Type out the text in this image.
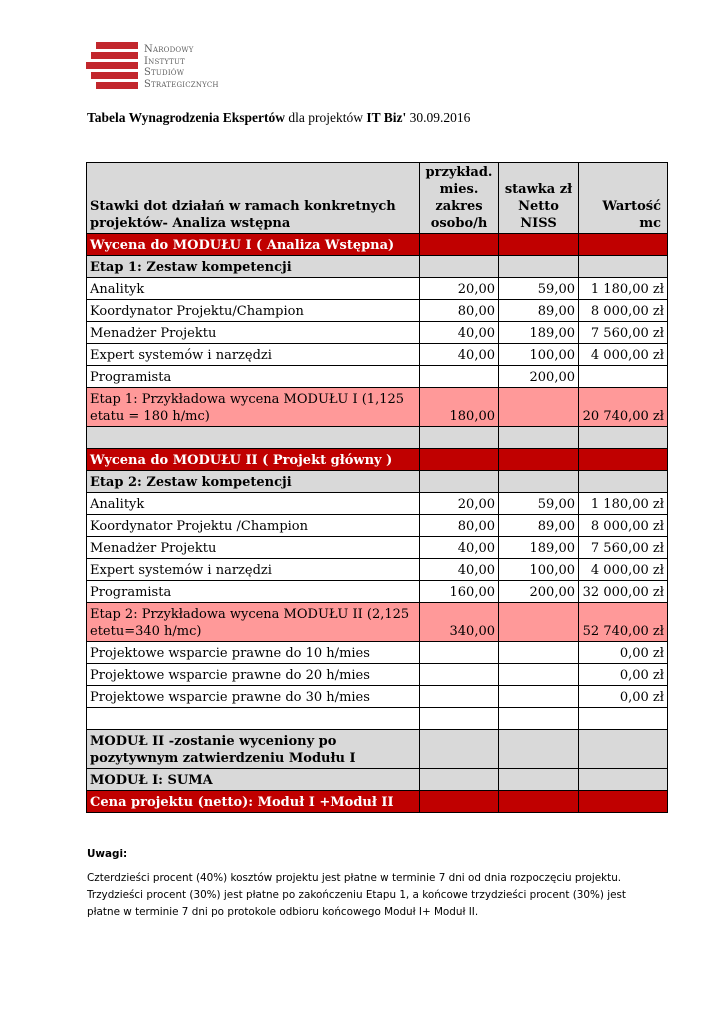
Narodowy
Instytut
Studiów
Strategicznych
Tabela Wynagrodzenia Ekspertów dla projektów IT Biz' 30.09.2016
Stawki dot działań w ramach konkretnych projektów- Analiza wstępna	przykład. mies. zakres osobo/h	stawka zł Netto NISS	Wartość mc
Wycena do MODUŁU I ( Analiza Wstępna)			
Etap 1: Zestaw kompetencji			
Analityk	20,00	59,00	1 180,00 zł
Koordynator Projektu/Champion	80,00	89,00	8 000,00 zł
Menadżer Projektu	40,00	189,00	7 560,00 zł
Expert systemów i narzędzi	40,00	100,00	4 000,00 zł
Programista		200,00	
Etap 1: Przykładowa wycena MODUŁU I (1,125 etatu = 180 h/mc)	180,00		20 740,00 zł

Wycena do MODUŁU II ( Projekt główny )			
Etap 2: Zestaw kompetencji			
Analityk	20,00	59,00	1 180,00 zł
Koordynator Projektu /Champion	80,00	89,00	8 000,00 zł
Menadżer Projektu	40,00	189,00	7 560,00 zł
Expert systemów i narzędzi	40,00	100,00	4 000,00 zł
Programista	160,00	200,00	32 000,00 zł
Etap 2: Przykładowa wycena MODUŁU II (2,125 etetu=340 h/mc)	340,00		52 740,00 zł
Projektowe wsparcie prawne do 10 h/mies			0,00 zł
Projektowe wsparcie prawne do 20 h/mies			0,00 zł
Projektowe wsparcie prawne do 30 h/mies			0,00 zł

MODUŁ II -zostanie wyceniony po pozytywnym zatwierdzeniu Modułu I			
MODUŁ I: SUMA			
Cena projektu (netto): Moduł I +Moduł II			
Uwagi:
Czterdzieści procent (40%) kosztów projektu jest płatne w terminie 7 dni od dnia rozpoczęciu projektu.
Trzydzieści procent (30%) jest płatne po zakończeniu Etapu 1, a końcowe trzydzieści procent (30%) jest
płatne w terminie 7 dni po protokole odbioru końcowego Moduł I+ Moduł II.
